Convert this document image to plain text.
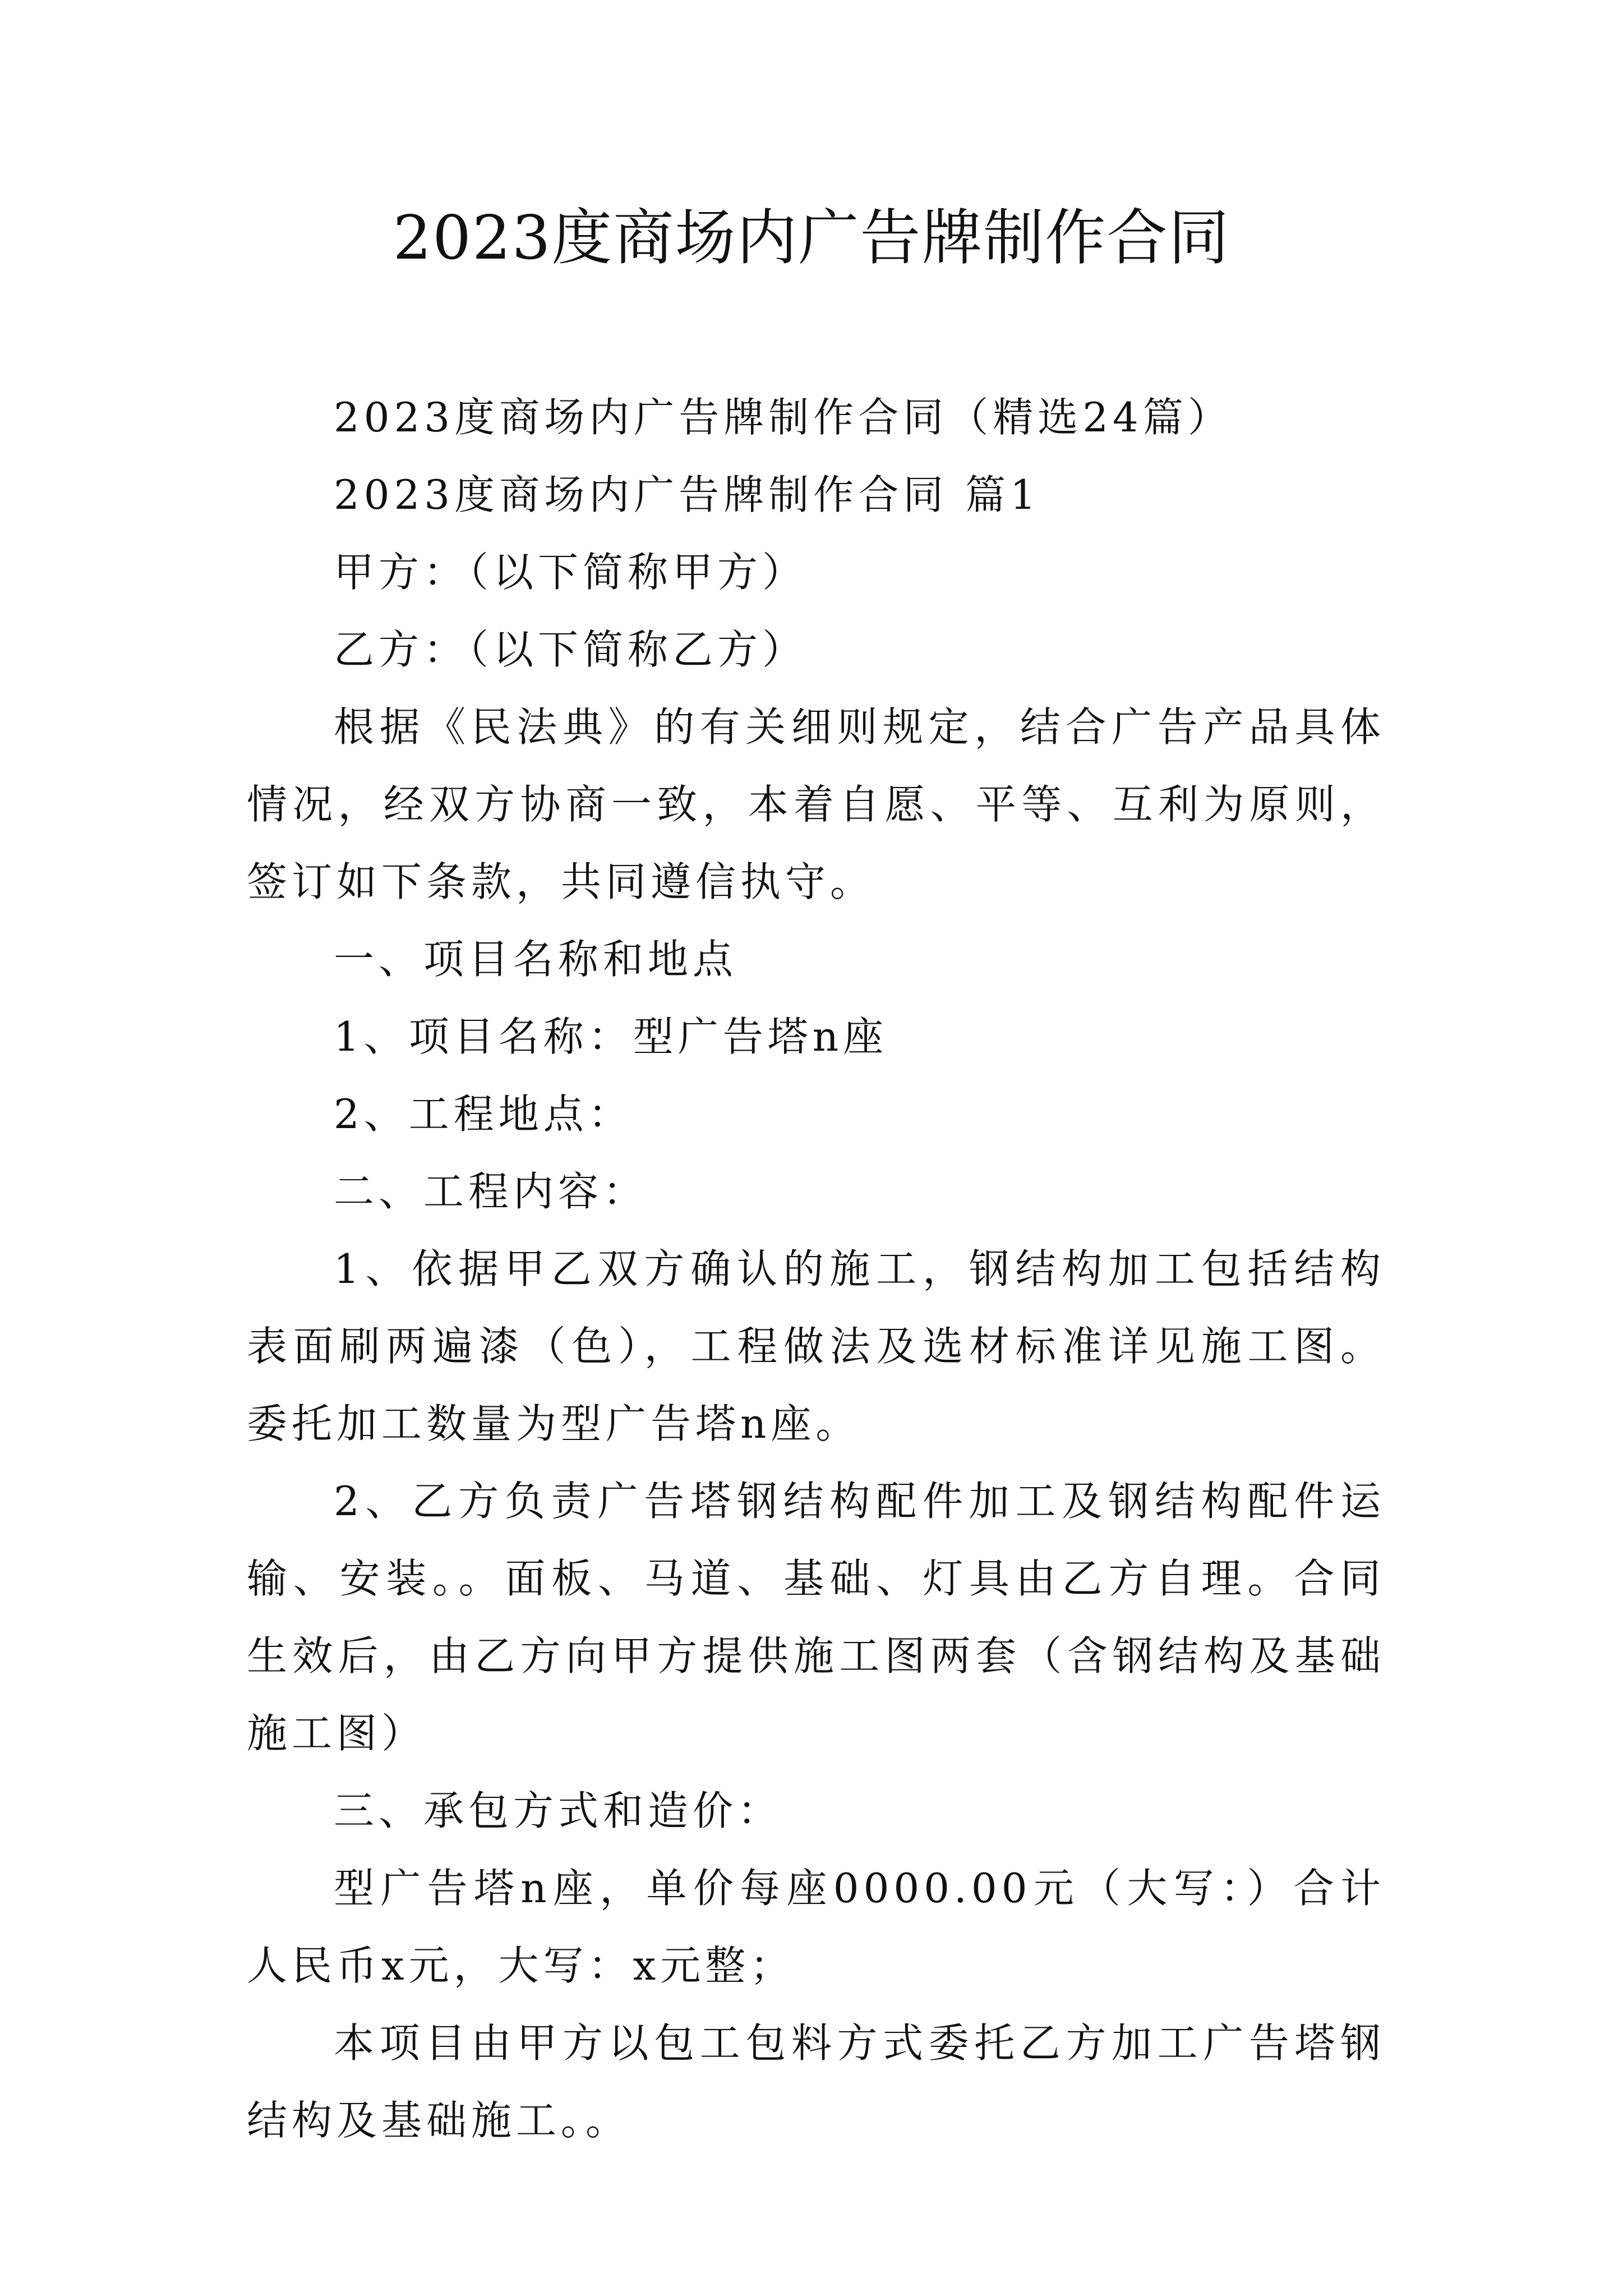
2023度商场内广告牌制作合同

2023度商场内广告牌制作合同（精选24篇）

2023度商场内广告牌制作合同 篇1

甲方：（以下简称甲方）

乙方：（以下简称乙方）

根据《民法典》的有关细则规定，结合广告产品具体情况，经双方协商一致，本着自愿、平等、互利为原则，签订如下条款，共同遵信执守。

一、项目名称和地点

1、项目名称：型广告塔n座

2、工程地点：

二、工程内容：

1、依据甲乙双方确认的施工，钢结构加工包括结构表面刷两遍漆（色），工程做法及选材标准详见施工图。委托加工数量为型广告塔n座。

2、乙方负责广告塔钢结构配件加工及钢结构配件运输、安装。。面板、马道、基础、灯具由乙方自理。合同生效后，由乙方向甲方提供施工图两套（含钢结构及基础施工图）

三、承包方式和造价：

型广告塔n座，单价每座0000.00元（大写：）合计人民币x元，大写：x元整；

本项目由甲方以包工包料方式委托乙方加工广告塔钢结构及基础施工。。
